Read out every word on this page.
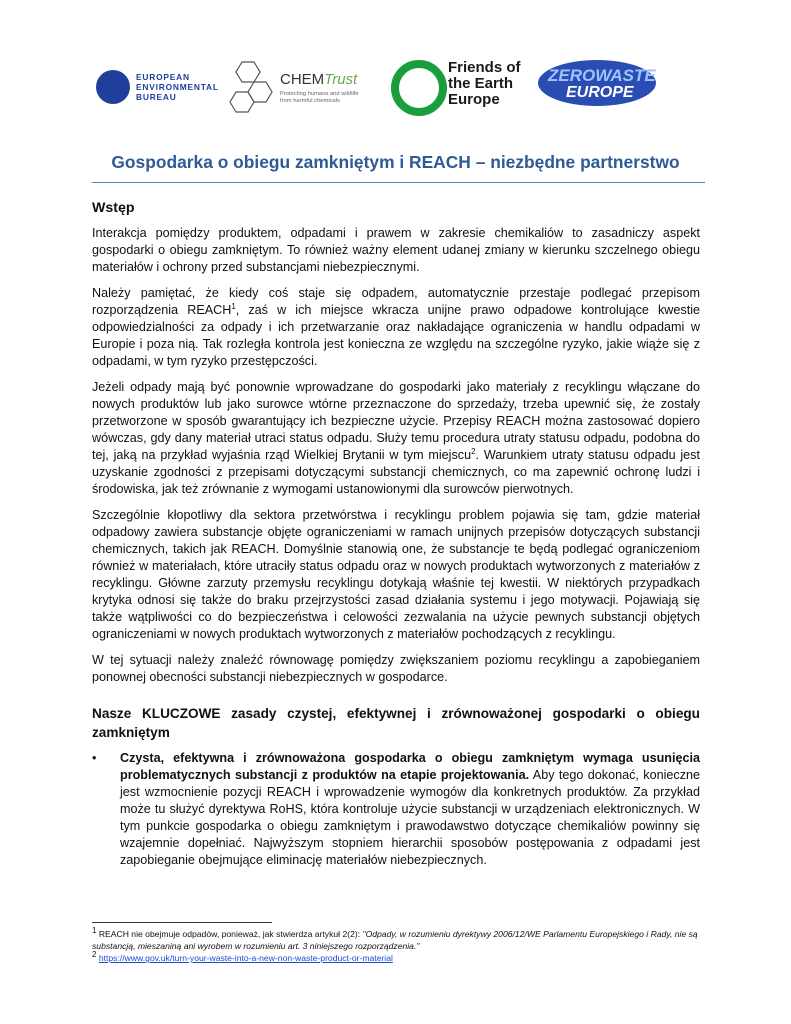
EUROPEAN
ENVIRONMENTAL
BUREAU
CHEMTrust
Protecting humans and wildlife from harmful chemicals
Friends of
the Earth
Europe
ZEROWASTE
EUROPE
Gospodarka o obiegu zamkniętym i REACH – niezbędne partnerstwo
Wstęp

Interakcja pomiędzy produktem, odpadami i prawem w zakresie chemikaliów to zasadniczy aspekt gospodarki o obiegu zamkniętym. To również ważny element udanej zmiany w kierunku szczelnego obiegu materiałów i ochrony przed substancjami niebezpiecznymi.

Należy pamiętać, że kiedy coś staje się odpadem, automatycznie przestaje podlegać przepisom rozporządzenia REACH$^1$, zaś w ich miejsce wkracza unijne prawo odpadowe kontrolujące kwestie odpowiedzialności za odpady i ich przetwarzanie oraz nakładające ograniczenia w handlu odpadami w Europie i poza nią. Tak rozległa kontrola jest konieczna ze względu na szczególne ryzyko, jakie wiąże się z odpadami, w tym ryzyko przestępczości.

Jeżeli odpady mają być ponownie wprowadzane do gospodarki jako materiały z recyklingu włączane do nowych produktów lub jako surowce wtórne przeznaczone do sprzedaży, trzeba upewnić się, że zostały przetworzone w sposób gwarantujący ich bezpieczne użycie. Przepisy REACH można zastosować dopiero wówczas, gdy dany materiał utraci status odpadu. Służy temu procedura utraty statusu odpadu, podobna do tej, jaką na przykład wyjaśnia rząd Wielkiej Brytanii w tym miejscu$^2$. Warunkiem utraty statusu odpadu jest uzyskanie zgodności z przepisami dotyczącymi substancji chemicznych, co ma zapewnić ochronę ludzi i środowiska, jak też zrównanie z wymogami ustanowionymi dla surowców pierwotnych.

Szczególnie kłopotliwy dla sektora przetwórstwa i recyklingu problem pojawia się tam, gdzie materiał odpadowy zawiera substancje objęte ograniczeniami w ramach unijnych przepisów dotyczących substancji chemicznych, takich jak REACH. Domyślnie stanowią one, że substancje te będą podlegać ograniczeniom również w materiałach, które utraciły status odpadu oraz w nowych produktach wytworzonych z materiałów z recyklingu. Główne zarzuty przemysłu recyklingu dotykają właśnie tej kwestii. W niektórych przypadkach krytyka odnosi się także do braku przejrzystości zasad działania systemu i jego motywacji. Pojawiają się także wątpliwości co do bezpieczeństwa i celowości zezwalania na użycie pewnych substancji objętych ograniczeniami w nowych produktach wytworzonych z materiałów pochodzących z recyklingu.

W tej sytuacji należy znaleźć równowagę pomiędzy zwiększaniem poziomu recyklingu a zapobieganiem ponownej obecności substancji niebezpiecznych w gospodarce.

Nasze KLUCZOWE zasady czystej, efektywnej i zrównoważonej gospodarki o obiegu zamkniętym
• Czysta, efektywna i zrównoważona gospodarka o obiegu zamkniętym wymaga usunięcia problematycznych substancji z produktów na etapie projektowania. Aby tego dokonać, konieczne jest wzmocnienie pozycji REACH i wprowadzenie wymogów dla konkretnych produktów. Za przykład może tu służyć dyrektywa RoHS, która kontroluje użycie substancji w urządzeniach elektronicznych. W tym punkcie gospodarka o obiegu zamkniętym i prawodawstwo dotyczące chemikaliów powinny się wzajemnie dopełniać. Najwyższym stopniem hierarchii sposobów postępowania z odpadami jest zapobieganie obejmujące eliminację materiałów niebezpiecznych.
$^1$ REACH nie obejmuje odpadów, ponieważ, jak stwierdza artykuł 2(2): "Odpady, w rozumieniu dyrektywy 2006/12/WE Parlamentu Europejskiego i Rady, nie są substancją, mieszaniną ani wyrobem w rozumieniu art. 3 niniejszego rozporządzenia."
$^2$ https://www.gov.uk/turn-your-waste-into-a-new-non-waste-product-or-material
